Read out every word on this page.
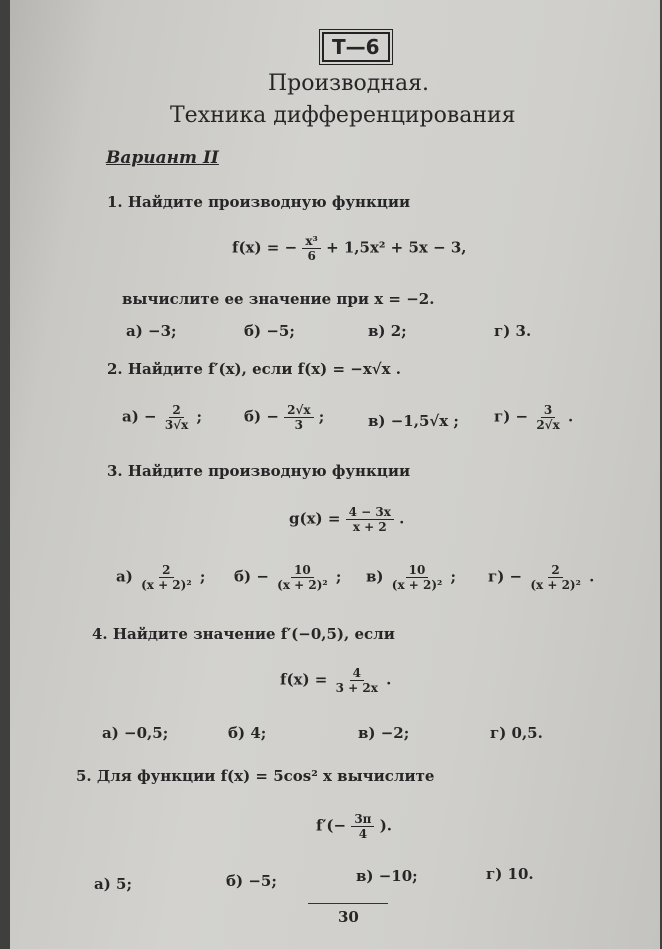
Т—6
Производная.
Техника дифференцирования
Вариант II
1. Найдите производную функции
f(x) = − $\frac{\text{x³}}{6} + 1,5x^2 + 5x - 3$,
вычислите ее значение при x = −2.
а) −3;	б) −5;	в) 2;	г) 3.
2. Найдите f′(x), если f(x) = −x√x .
$а) - \frac{2}{3√x}$ ;	$б) - \frac{2√x}{3}$ ;	в) −1,5√x ; $г) - \frac{3}{2√x}$ .
3. Найдите производную функции
$g(x) = \frac{4 - 3x}{x + 2}$ .
$а) \frac{2}{\text{(x + 2)²}}$ ; $б) - \frac{10}{\text{(x + 2)²}}$ ; $в) \frac{10}{\text{(x + 2)²}}$ ; $г) - \frac{2}{\text{(x + 2)²}}$ .
4. Найдите значение f′(−0,5), если
$f(x) = \frac{4}{3 + 2x}$ .
а) −0,5;	б) 4;	в) −2;	г) 0,5.
5. Для функции f(x) = 5cos² x вычислите
$f'(- \frac{3\pi}{4}$ ).
а) 5;	б) −5;	в) −10;	г) 10.
30
